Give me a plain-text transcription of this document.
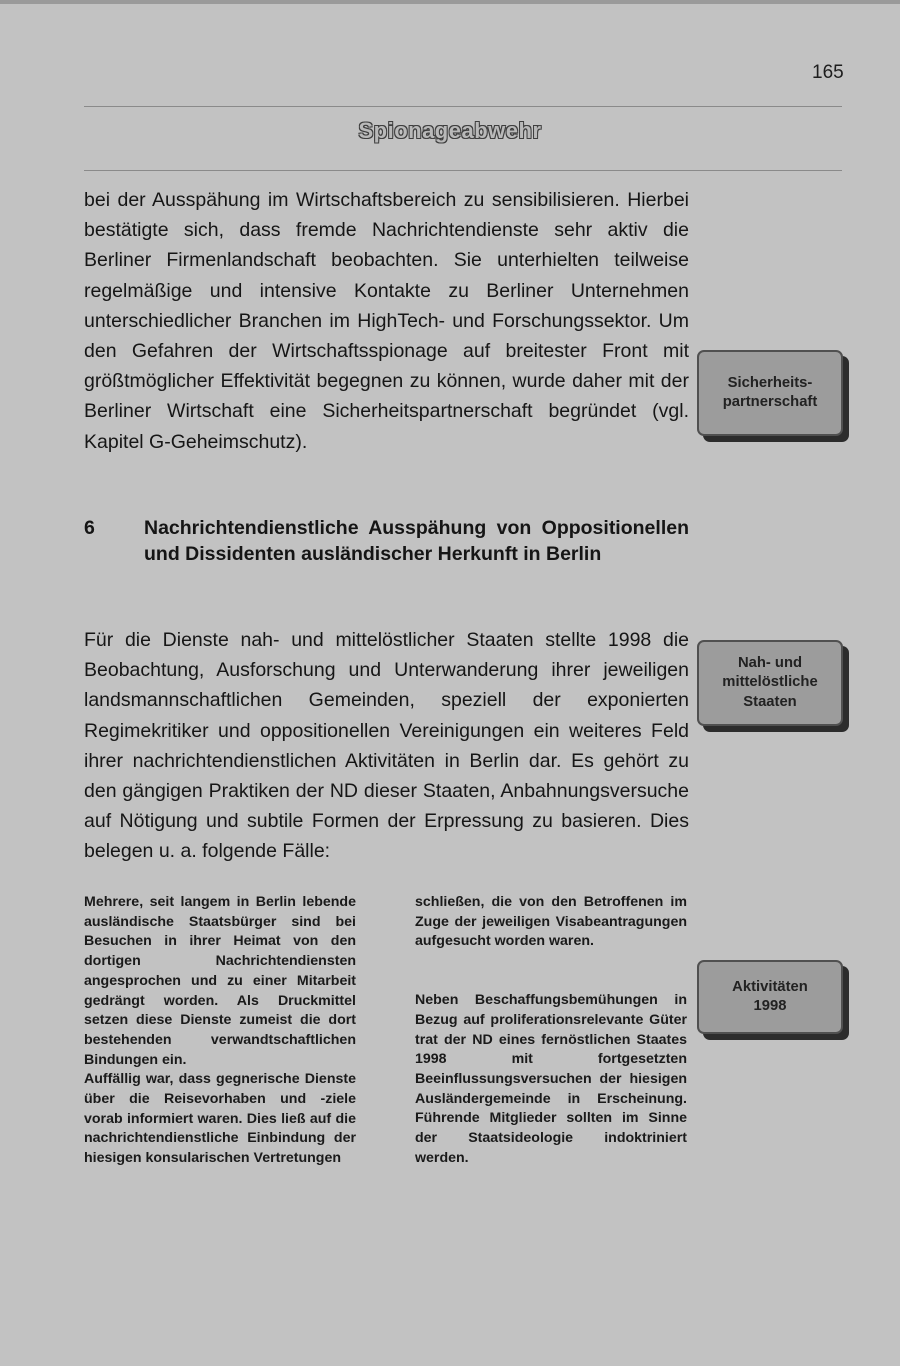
165
Spionageabwehr
bei der Ausspähung im Wirtschaftsbereich zu sensibilisieren. Hierbei bestätigte sich, dass fremde Nachrichtendienste sehr aktiv die Berliner Firmenlandschaft beobachten. Sie unterhielten teilweise regelmäßige und intensive Kontakte zu Berliner Unternehmen unterschiedlicher Branchen im HighTech- und Forschungssektor. Um den Gefahren der Wirtschaftsspionage auf breitester Front mit größtmöglicher Effektivität begegnen zu können, wurde daher mit der Berliner Wirtschaft eine Sicherheitspartnerschaft begründet (vgl. Kapitel G-Geheimschutz).
6	Nachrichtendienstliche Ausspähung von Oppositionellen und Dissidenten ausländischer Herkunft in Berlin
Für die Dienste nah- und mittelöstlicher Staaten stellte 1998 die Beobachtung, Ausforschung und Unterwanderung ihrer jeweiligen landsmannschaftlichen Gemeinden, speziell der exponierten Regimekritiker und oppositionellen Vereinigungen ein weiteres Feld ihrer nachrichtendienstlichen Aktivitäten in Berlin dar. Es gehört zu den gängigen Praktiken der ND dieser Staaten, Anbahnungsversuche auf Nötigung und subtile Formen der Erpressung zu basieren. Dies belegen u. a. folgende Fälle:

Mehrere, seit langem in Berlin lebende ausländische Staatsbürger sind bei Besuchen in ihrer Heimat von den dortigen Nachrichtendiensten angesprochen und zu einer Mitarbeit gedrängt worden. Als Druckmittel setzen diese Dienste zumeist die dort bestehenden verwandtschaftlichen Bindungen ein.

Auffällig war, dass gegnerische Dienste über die Reisevorhaben und -ziele vorab informiert waren. Dies ließ auf die nachrichtendienstliche Einbindung der hiesigen konsularischen Vertretungen

schließen, die von den Betroffenen im Zuge der jeweiligen Visabeantragungen aufgesucht worden waren.

Neben Beschaffungsbemühungen in Bezug auf proliferationsrelevante Güter trat der ND eines fernöstlichen Staates 1998 mit fortgesetzten Beeinflussungsversuchen der hiesigen Ausländergemeinde in Erscheinung. Führende Mitglieder sollten im Sinne der Staatsideologie indoktriniert werden.

Sicherheits-
partnerschaft
Nah- und
mittelöstliche
Staaten
Aktivitäten
1998
